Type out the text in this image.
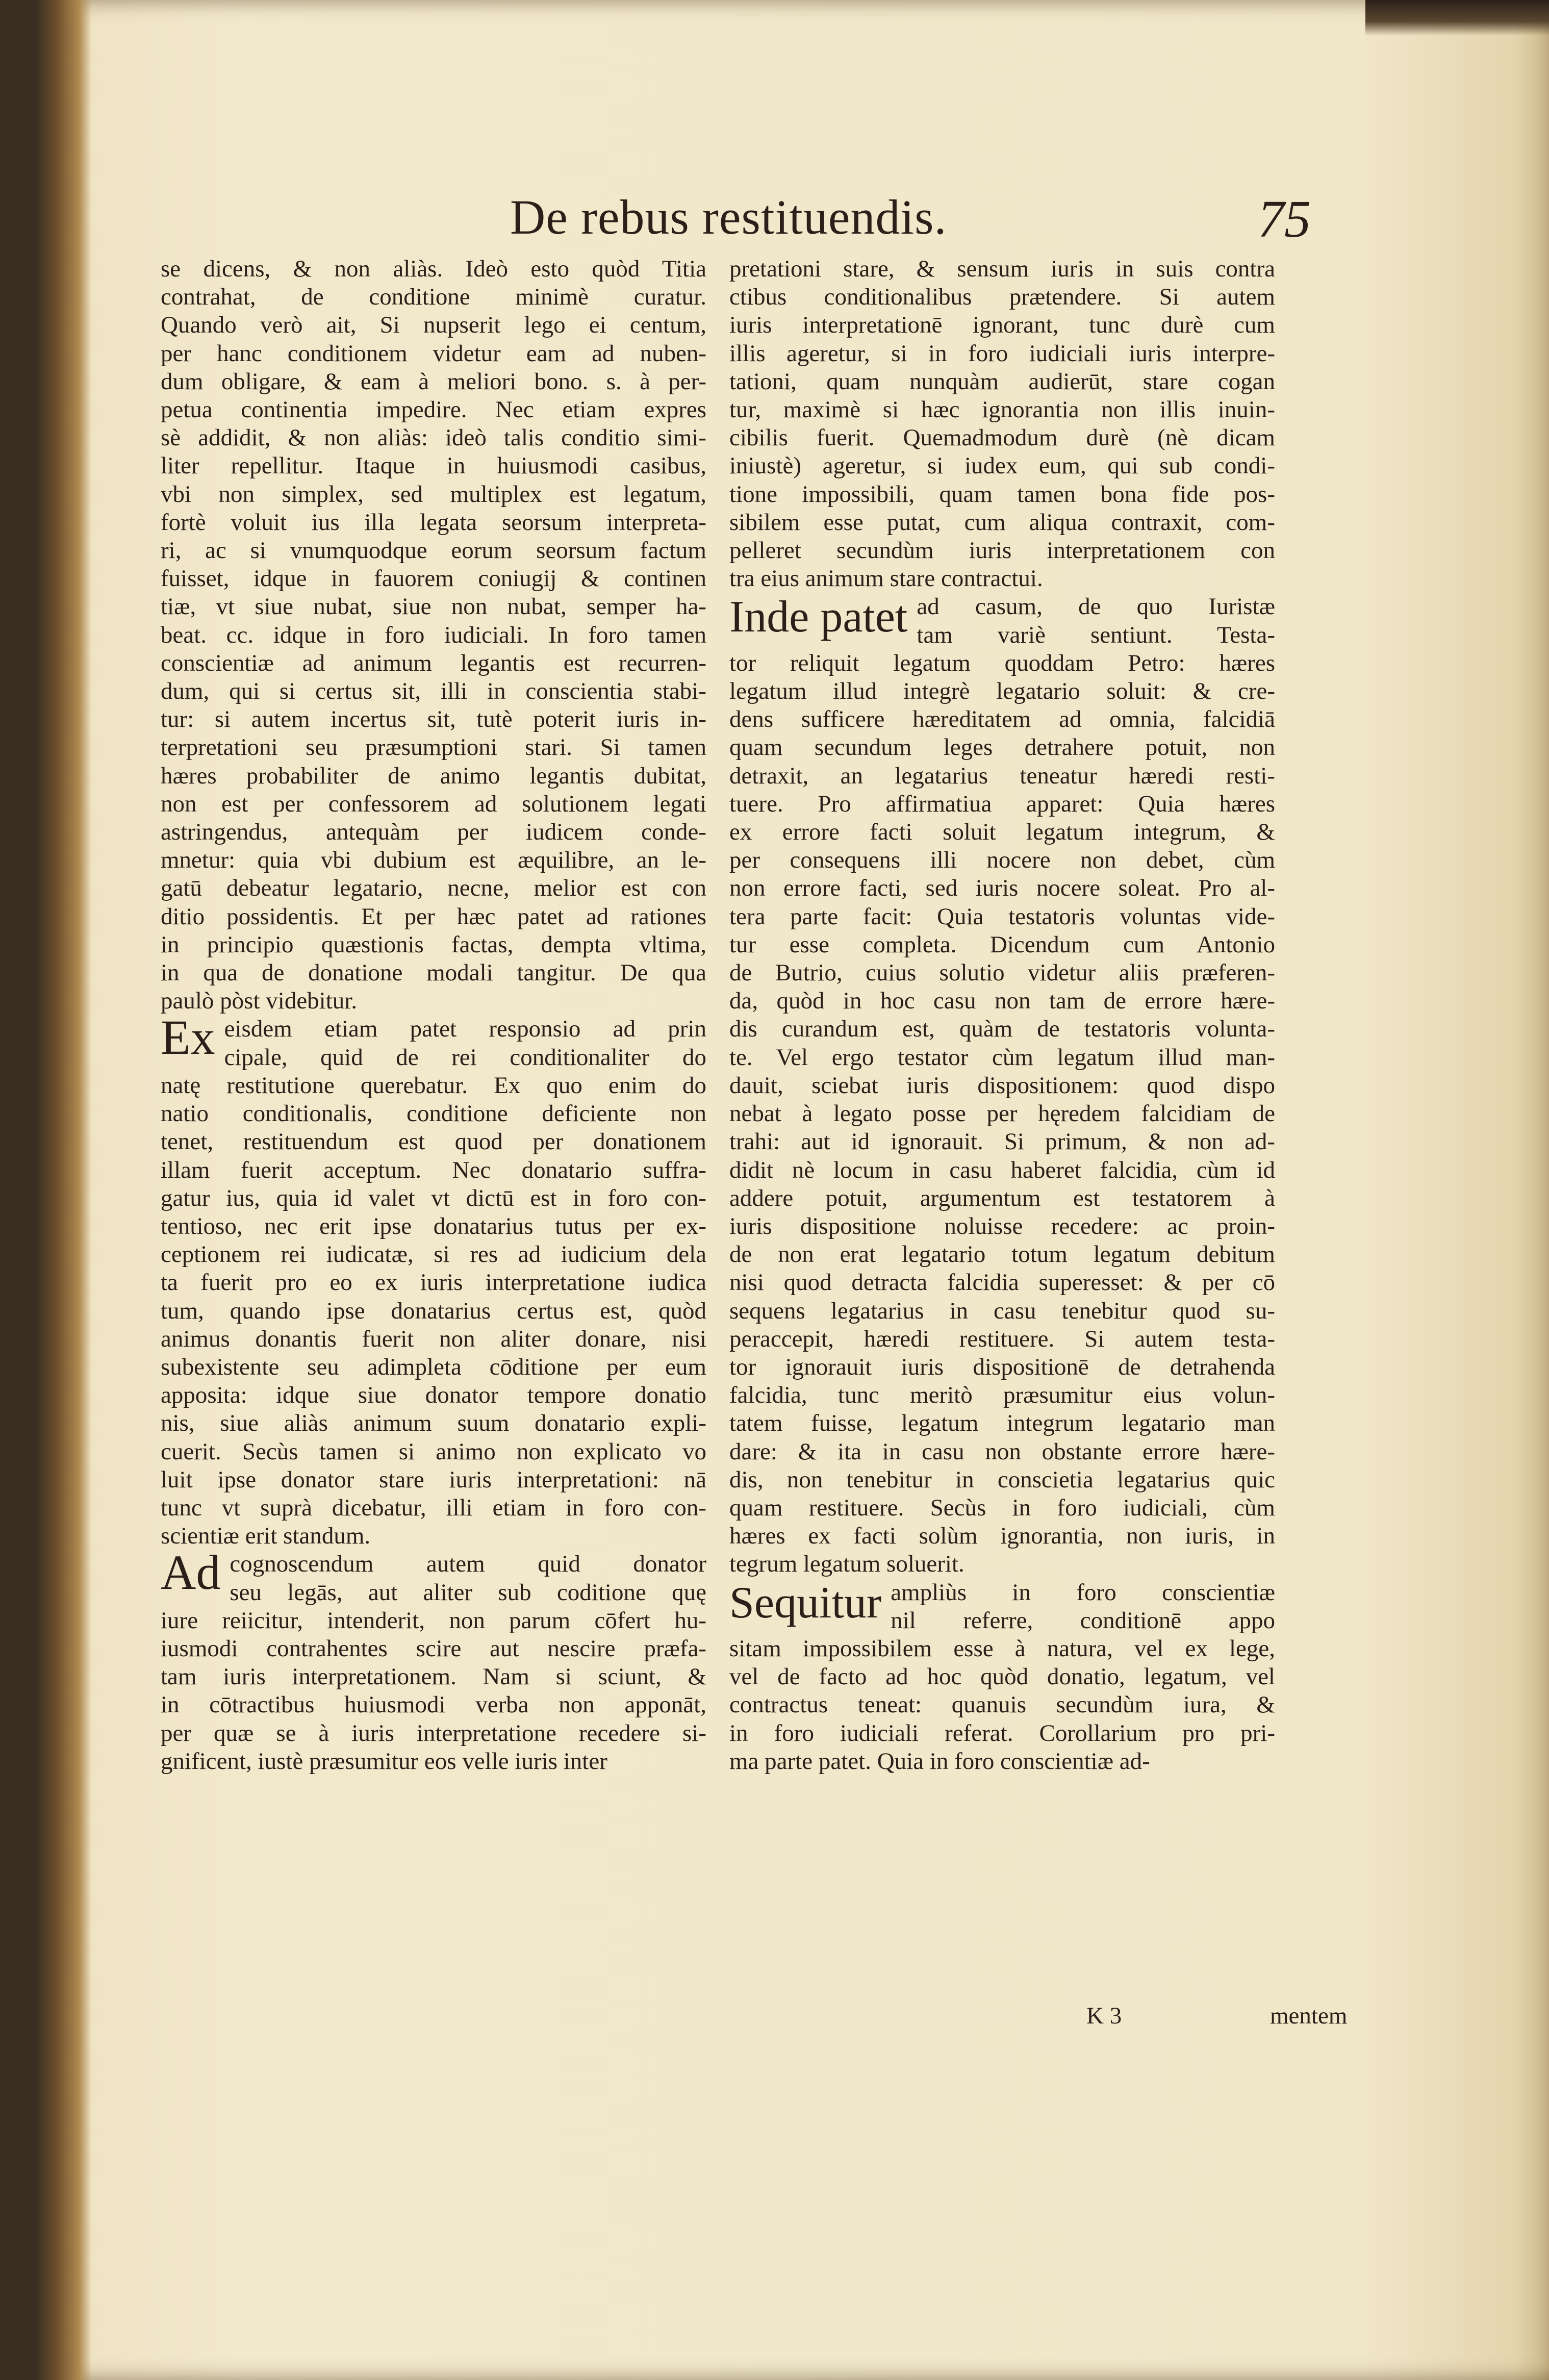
De rebus restituendis.	75
se dicens, & non aliàs. Ideò esto quòd Titia
contrahat, de conditione minimè curatur.
Quando verò ait, Si nupserit lego ei centum,
per hanc conditionem videtur eam ad nuben-
dum obligare, & eam à meliori bono. s. à per-
petua continentia impedire. Nec etiam expres
sè addidit, & non aliàs: ideò talis conditio simi-
liter repellitur. Itaque in huiusmodi casibus,
vbi non simplex, sed multiplex est legatum,
fortè voluit ius illa legata seorsum interpreta-
ri, ac si vnumquodque eorum seorsum factum
fuisset, idque in fauorem coniugij & continen
tiæ, vt siue nubat, siue non nubat, semper ha-
beat. cc. idque in foro iudiciali. In foro tamen
conscientiæ ad animum legantis est recurren-
dum, qui si certus sit, illi in conscientia stabi-
tur: si autem incertus sit, tutè poterit iuris in-
terpretationi seu præsumptioni stari. Si tamen
hæres probabiliter de animo legantis dubitat,
non est per confessorem ad solutionem legati
astringendus, antequàm per iudicem conde-
mnetur: quia vbi dubium est æquilibre, an le-
gatū debeatur legatario, necne, melior est con
ditio possidentis. Et per hæc patet ad rationes
in principio quæstionis factas, dempta vltima,
in qua de donatione modali tangitur. De qua
paulò pòst videbitur.
Ex eisdem etiam patet responsio ad prin
cipale, quid de rei conditionaliter do
natę restitutione querebatur. Ex quo enim do
natio conditionalis, conditione deficiente non
tenet, restituendum est quod per donationem
illam fuerit acceptum. Nec donatario suffra-
gatur ius, quia id valet vt dictū est in foro con-
tentioso, nec erit ipse donatarius tutus per ex-
ceptionem rei iudicatæ, si res ad iudicium dela
ta fuerit pro eo ex iuris interpretatione iudica
tum, quando ipse donatarius certus est, quòd
animus donantis fuerit non aliter donare, nisi
subexistente seu adimpleta cōditione per eum
apposita: idque siue donator tempore donatio
nis, siue aliàs animum suum donatario expli-
cuerit. Secùs tamen si animo non explicato vo
luit ipse donator stare iuris interpretationi: nā
tunc vt suprà dicebatur, illi etiam in foro con-
scientiæ erit standum.
Ad cognoscendum autem quid donator
seu legās, aut aliter sub coditione quę
iure reiicitur, intenderit, non parum cōfert hu-
iusmodi contrahentes scire aut nescire præfa-
tam iuris interpretationem. Nam si sciunt, &
in cōtractibus huiusmodi verba non apponāt,
per quæ se à iuris interpretatione recedere si-
gnificent, iustè præsumitur eos velle iuris inter
pretationi stare, & sensum iuris in suis contra
ctibus conditionalibus prætendere. Si autem
iuris interpretationē ignorant, tunc durè cum
illis ageretur, si in foro iudiciali iuris interpre-
tationi, quam nunquàm audierūt, stare cogan
tur, maximè si hæc ignorantia non illis inuin-
cibilis fuerit. Quemadmodum durè (nè dicam
iniustè) ageretur, si iudex eum, qui sub condi-
tione impossibili, quam tamen bona fide pos-
sibilem esse putat, cum aliqua contraxit, com-
pelleret secundùm iuris interpretationem con
tra eius animum stare contractui.
Inde patet ad casum, de quo Iuristæ
tam variè sentiunt. Testa-
tor reliquit legatum quoddam Petro: hæres
legatum illud integrè legatario soluit: & cre-
dens sufficere hæreditatem ad omnia, falcidiā
quam secundum leges detrahere potuit, non
detraxit, an legatarius teneatur hæredi resti-
tuere. Pro affirmatiua apparet: Quia hæres
ex errore facti soluit legatum integrum, &
per consequens illi nocere non debet, cùm
non errore facti, sed iuris nocere soleat. Pro al-
tera parte facit: Quia testatoris voluntas vide-
tur esse completa. Dicendum cum Antonio
de Butrio, cuius solutio videtur aliis præferen-
da, quòd in hoc casu non tam de errore hære-
dis curandum est, quàm de testatoris volunta-
te. Vel ergo testator cùm legatum illud man-
dauit, sciebat iuris dispositionem: quod dispo
nebat à legato posse per hęredem falcidiam de
trahi: aut id ignorauit. Si primum, & non ad-
didit nè locum in casu haberet falcidia, cùm id
addere potuit, argumentum est testatorem à
iuris dispositione noluisse recedere: ac proin-
de non erat legatario totum legatum debitum
nisi quod detracta falcidia superesset: & per cō
sequens legatarius in casu tenebitur quod su-
peraccepit, hæredi restituere. Si autem testa-
tor ignorauit iuris dispositionē de detrahenda
falcidia, tunc meritò præsumitur eius volun-
tatem fuisse, legatum integrum legatario man
dare: & ita in casu non obstante errore hære-
dis, non tenebitur in conscietia legatarius quic
quam restituere. Secùs in foro iudiciali, cùm
hæres ex facti solùm ignorantia, non iuris, in
tegrum legatum soluerit.
Sequitur ampliùs in foro conscientiæ
nil referre, conditionē appo
sitam impossibilem esse à natura, vel ex lege,
vel de facto ad hoc quòd donatio, legatum, vel
contractus teneat: quanuis secundùm iura, &
in foro iudiciali referat. Corollarium pro pri-
ma parte patet. Quia in foro conscientiæ ad-
K 3	mentem
